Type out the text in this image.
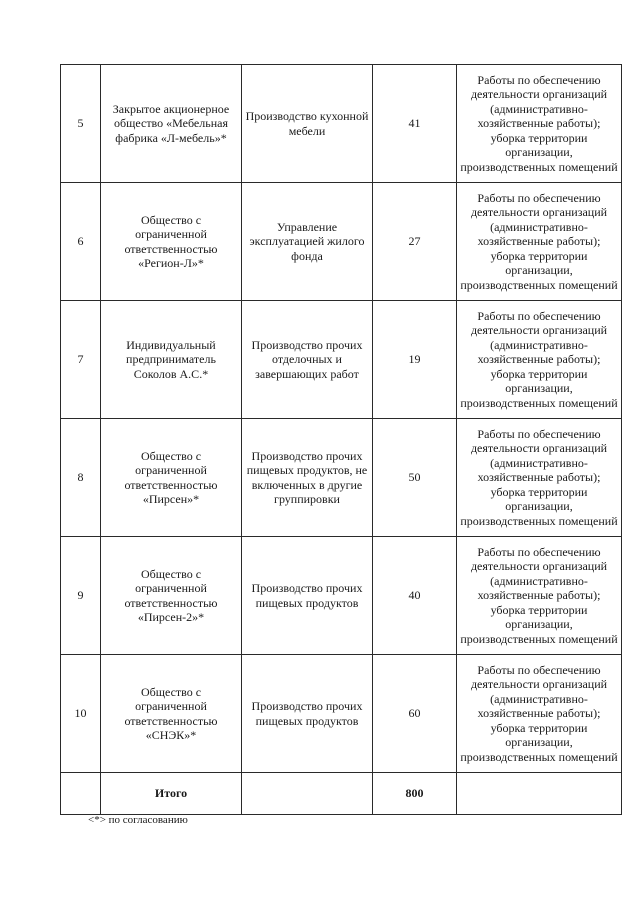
5	Закрытое акционерное общество «Мебельная фабрика «Л-мебель»*	Производство кухонной мебели	41	Работы по обеспечению деятельности организаций (административно-хозяйственные работы); уборка территории организации, производственных помещений
6	Общество с ограниченной ответственностью «Регион-Л»*	Управление эксплуатацией жилого фонда	27	Работы по обеспечению деятельности организаций (административно-хозяйственные работы); уборка территории организации, производственных помещений
7	Индивидуальный предприниматель Соколов А.С.*	Производство прочих отделочных и завершающих работ	19	Работы по обеспечению деятельности организаций (административно-хозяйственные работы); уборка территории организации, производственных помещений
8	Общество с ограниченной ответственностью «Пирсен»*	Производство прочих пищевых продуктов, не включенных в другие группировки	50	Работы по обеспечению деятельности организаций (административно-хозяйственные работы); уборка территории организации, производственных помещений
9	Общество с ограниченной ответственностью «Пирсен-2»*	Производство прочих пищевых продуктов	40	Работы по обеспечению деятельности организаций (административно-хозяйственные работы); уборка территории организации, производственных помещений
10	Общество с ограниченной ответственностью «СНЭК»*	Производство прочих пищевых продуктов	60	Работы по обеспечению деятельности организаций (административно-хозяйственные работы); уборка территории организации, производственных помещений
	Итого		800	
<*> по согласованию
